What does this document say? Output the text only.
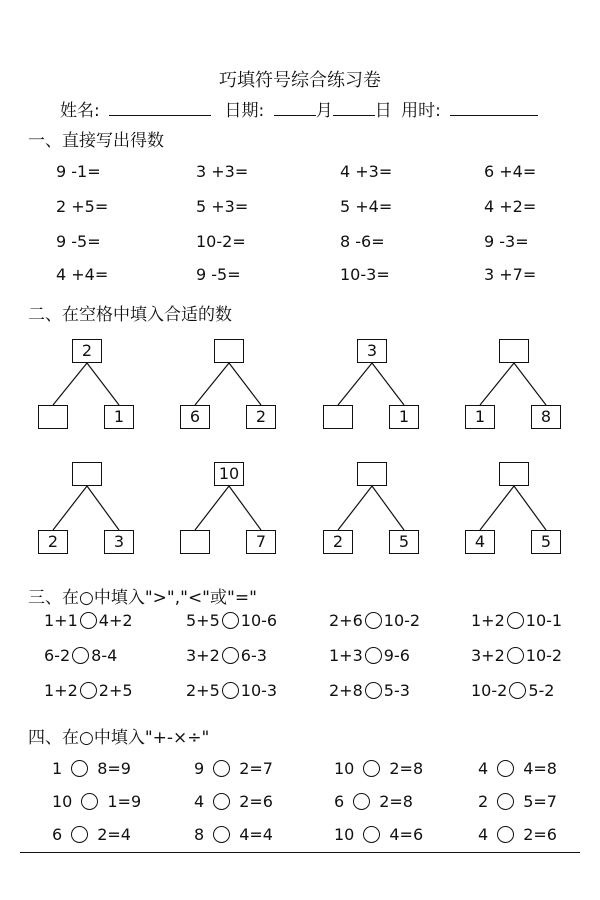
巧填符号综合练习卷
姓名:	日期:	月 日 用时:
一、直接写出得数
9 -1=	3 +3=	4 +3=	6 +4=
2 +5=	5 +3=	5 +4=	4 +2=
9 -5=	10-2=	8 -6=	9 -3=
4 +4=	9 -5=	10-3=	3 +7=
二、在空格中填入合适的数
2
1	6	2
3
1	1	8
2	3
10
7	2	5	4	5
三、在○中填入">","<"或"="
1+1 4+2	5+5 10-6	2+6 10-2	1+2 10-1
6-2 8-4	3+2 6-3	1+3 9-6	3+2 10-2
1+2 2+5	2+5 10-3	2+8 5-3	10-2 5-2
四、在○中填入"+-×÷"
1 8=9	9 2=7	10 2=8	4 4=8
10 1=9	4 2=6	6 2=8	2 5=7
6 2=4	8 4=4	10 4=6	4 2=6
